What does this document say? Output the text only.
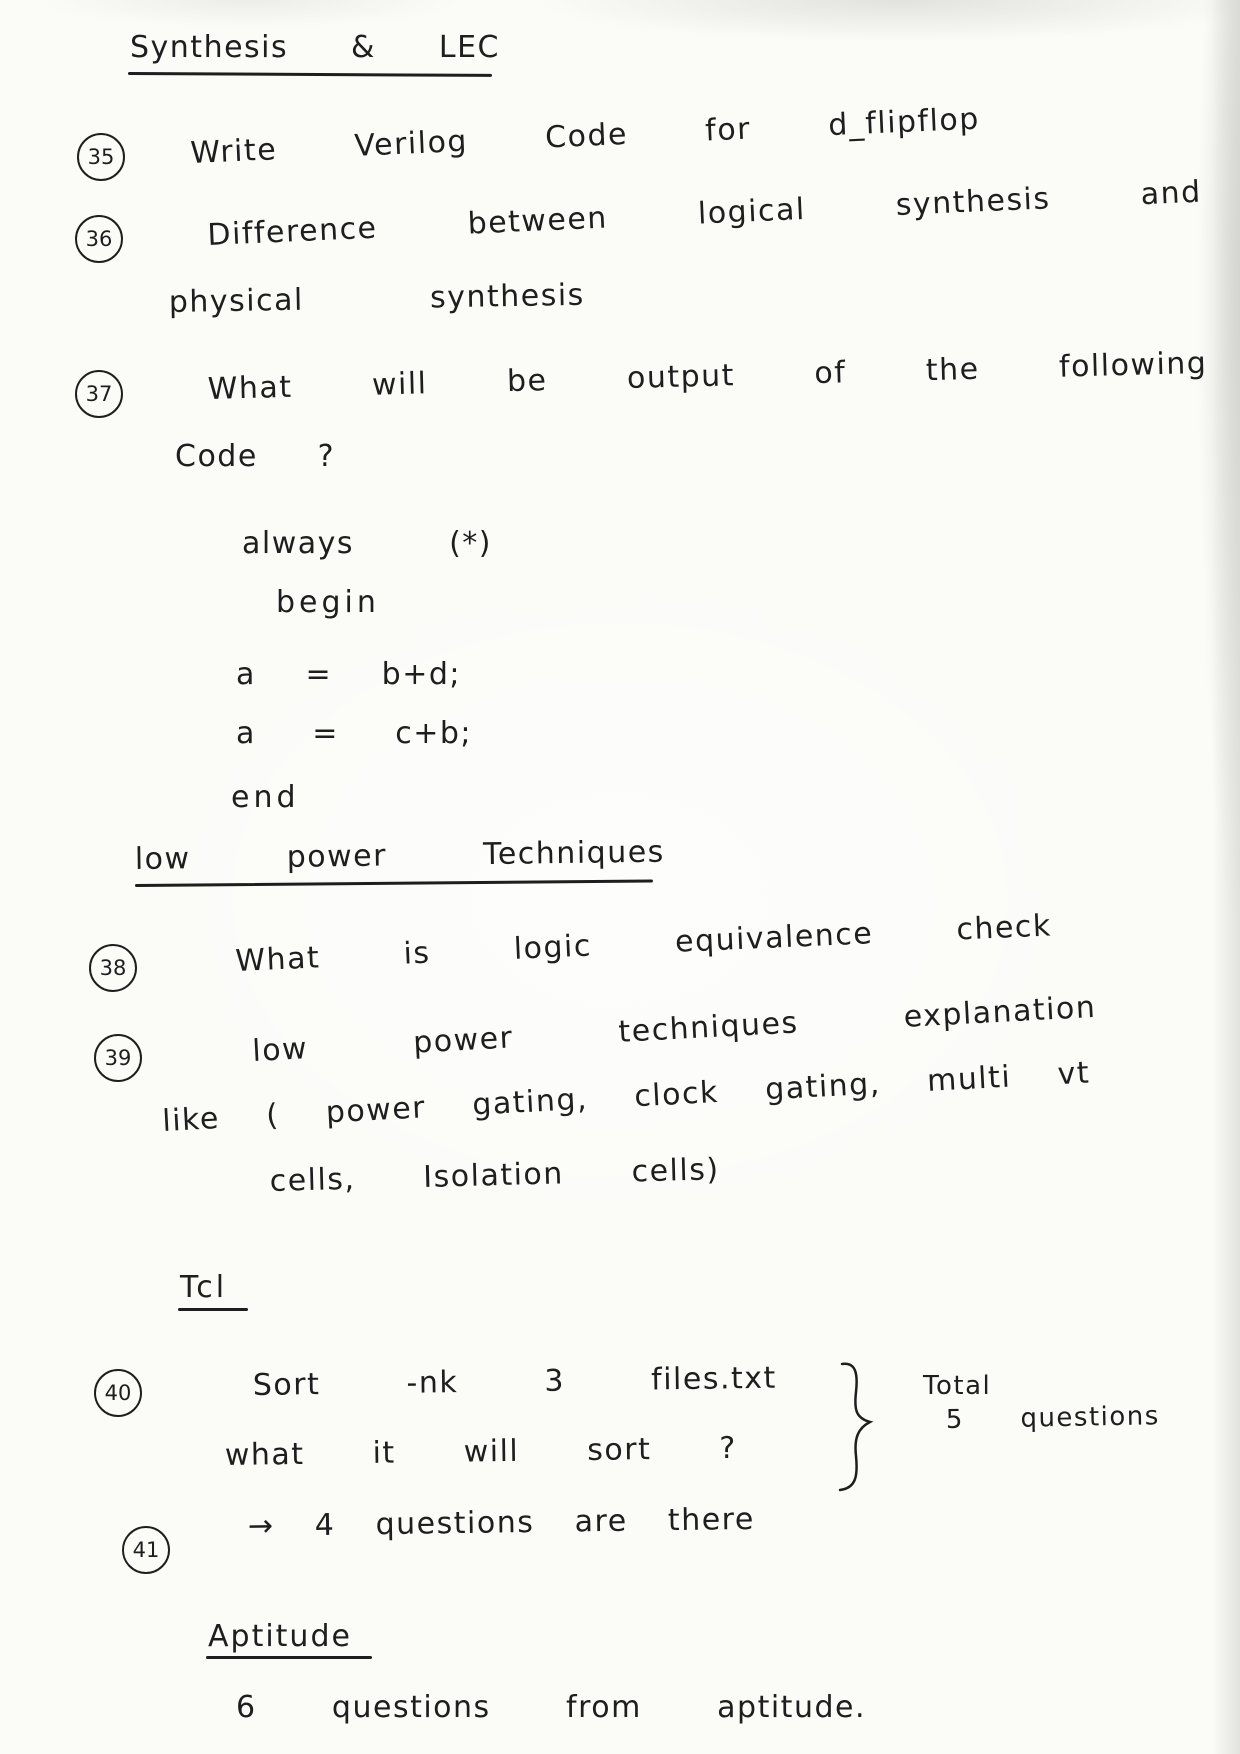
Synthesis & LEC
35	Write Verilog Code for d_flipflop
36	Difference between logical synthesis and
physical synthesis
37	What will be output of the following
Code ?
always (*)
begin
a = b+d;
a = c+b;
end
low power Techniques
38	What is logic equivalence check
39	low power techniques explanation
like ( power gating, clock gating, multi vt
cells, Isolation cells)
Tcl
40	Sort -nk 3 files.txt
what it will sort ?
Total
5 questions
41
→ 4 questions are there
Aptitude
6 questions from aptitude.
